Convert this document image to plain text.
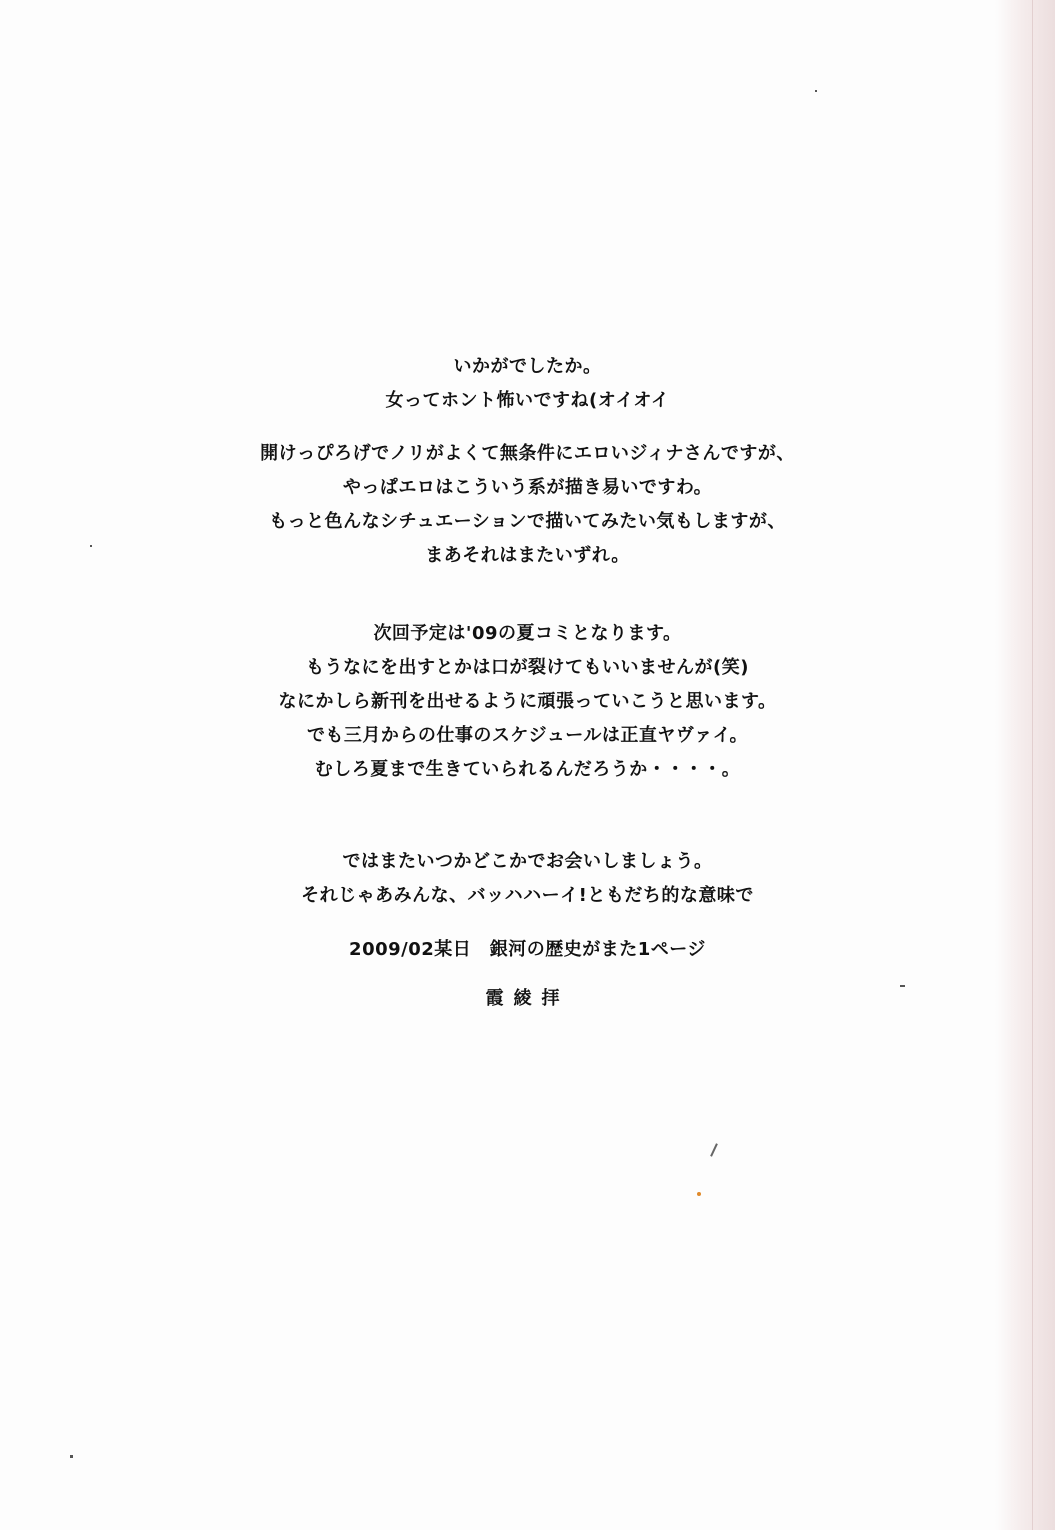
いかがでしたか。
女ってホント怖いですね(オイオイ
開けっぴろげでノリがよくて無条件にエロいジィナさんですが、
やっぱエロはこういう系が描き易いですわ。
もっと色んなシチュエーションで描いてみたい気もしますが、
まあそれはまたいずれ。
次回予定は'09の夏コミとなります。
もうなにを出すとかは口が裂けてもいいませんが(笑)
なにかしら新刊を出せるように頑張っていこうと思います。
でも三月からの仕事のスケジュールは正直ヤヴァイ。
むしろ夏まで生きていられるんだろうか・・・・。
ではまたいつかどこかでお会いしましょう。
それじゃあみんな、バッハハーイ!ともだち的な意味で
2009/02某日　銀河の歴史がまた1ページ
霞綾拝
